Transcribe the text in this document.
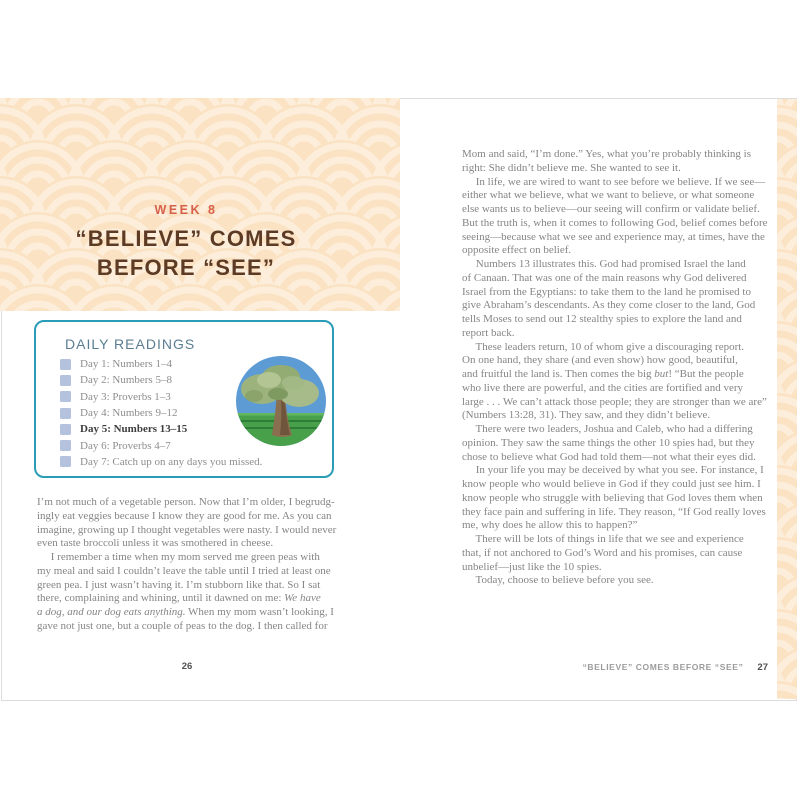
WEEK 8
“BELIEVE” COMES
BEFORE “SEE”
DAILY READINGS
Day 1: Numbers 1–4
Day 2: Numbers 5–8
Day 3: Proverbs 1–3
Day 4: Numbers 9–12
Day 5: Numbers 13–15
Day 6: Proverbs 4–7
Day 7: Catch up on any days you missed.
I’m not much of a vegetable person. Now that I’m older, I begrudg-
ingly eat veggies because I know they are good for me. As you can
imagine, growing up I thought vegetables were nasty. I would never
even taste broccoli unless it was smothered in cheese.
I remember a time when my mom served me green peas with
my meal and said I couldn’t leave the table until I tried at least one
green pea. I just wasn’t having it. I’m stubborn like that. So I sat
there, complaining and whining, until it dawned on me: We have
a dog, and our dog eats anything. When my mom wasn’t looking, I
gave not just one, but a couple of peas to the dog. I then called for
26
Mom and said, “I’m done.” Yes, what you’re probably thinking is
right: She didn’t believe me. She wanted to see it.
In life, we are wired to want to see before we believe. If we see—
either what we believe, what we want to believe, or what someone
else wants us to believe—our seeing will confirm or validate belief.
But the truth is, when it comes to following God, belief comes before
seeing—because what we see and experience may, at times, have the
opposite effect on belief.
Numbers 13 illustrates this. God had promised Israel the land
of Canaan. That was one of the main reasons why God delivered
Israel from the Egyptians: to take them to the land he promised to
give Abraham’s descendants. As they come closer to the land, God
tells Moses to send out 12 stealthy spies to explore the land and
report back.
These leaders return, 10 of whom give a discouraging report.
On one hand, they share (and even show) how good, beautiful,
and fruitful the land is. Then comes the big but! “But the people
who live there are powerful, and the cities are fortified and very
large . . . We can’t attack those people; they are stronger than we are”
(Numbers 13:28, 31). They saw, and they didn’t believe.
There were two leaders, Joshua and Caleb, who had a differing
opinion. They saw the same things the other 10 spies had, but they
chose to believe what God had told them—not what their eyes did.
In your life you may be deceived by what you see. For instance, I
know people who would believe in God if they could just see him. I
know people who struggle with believing that God loves them when
they face pain and suffering in life. They reason, “If God really loves
me, why does he allow this to happen?”
There will be lots of things in life that we see and experience
that, if not anchored to God’s Word and his promises, can cause
unbelief—just like the 10 spies.
Today, choose to believe before you see.
“BELIEVE” COMES BEFORE “SEE” 27
